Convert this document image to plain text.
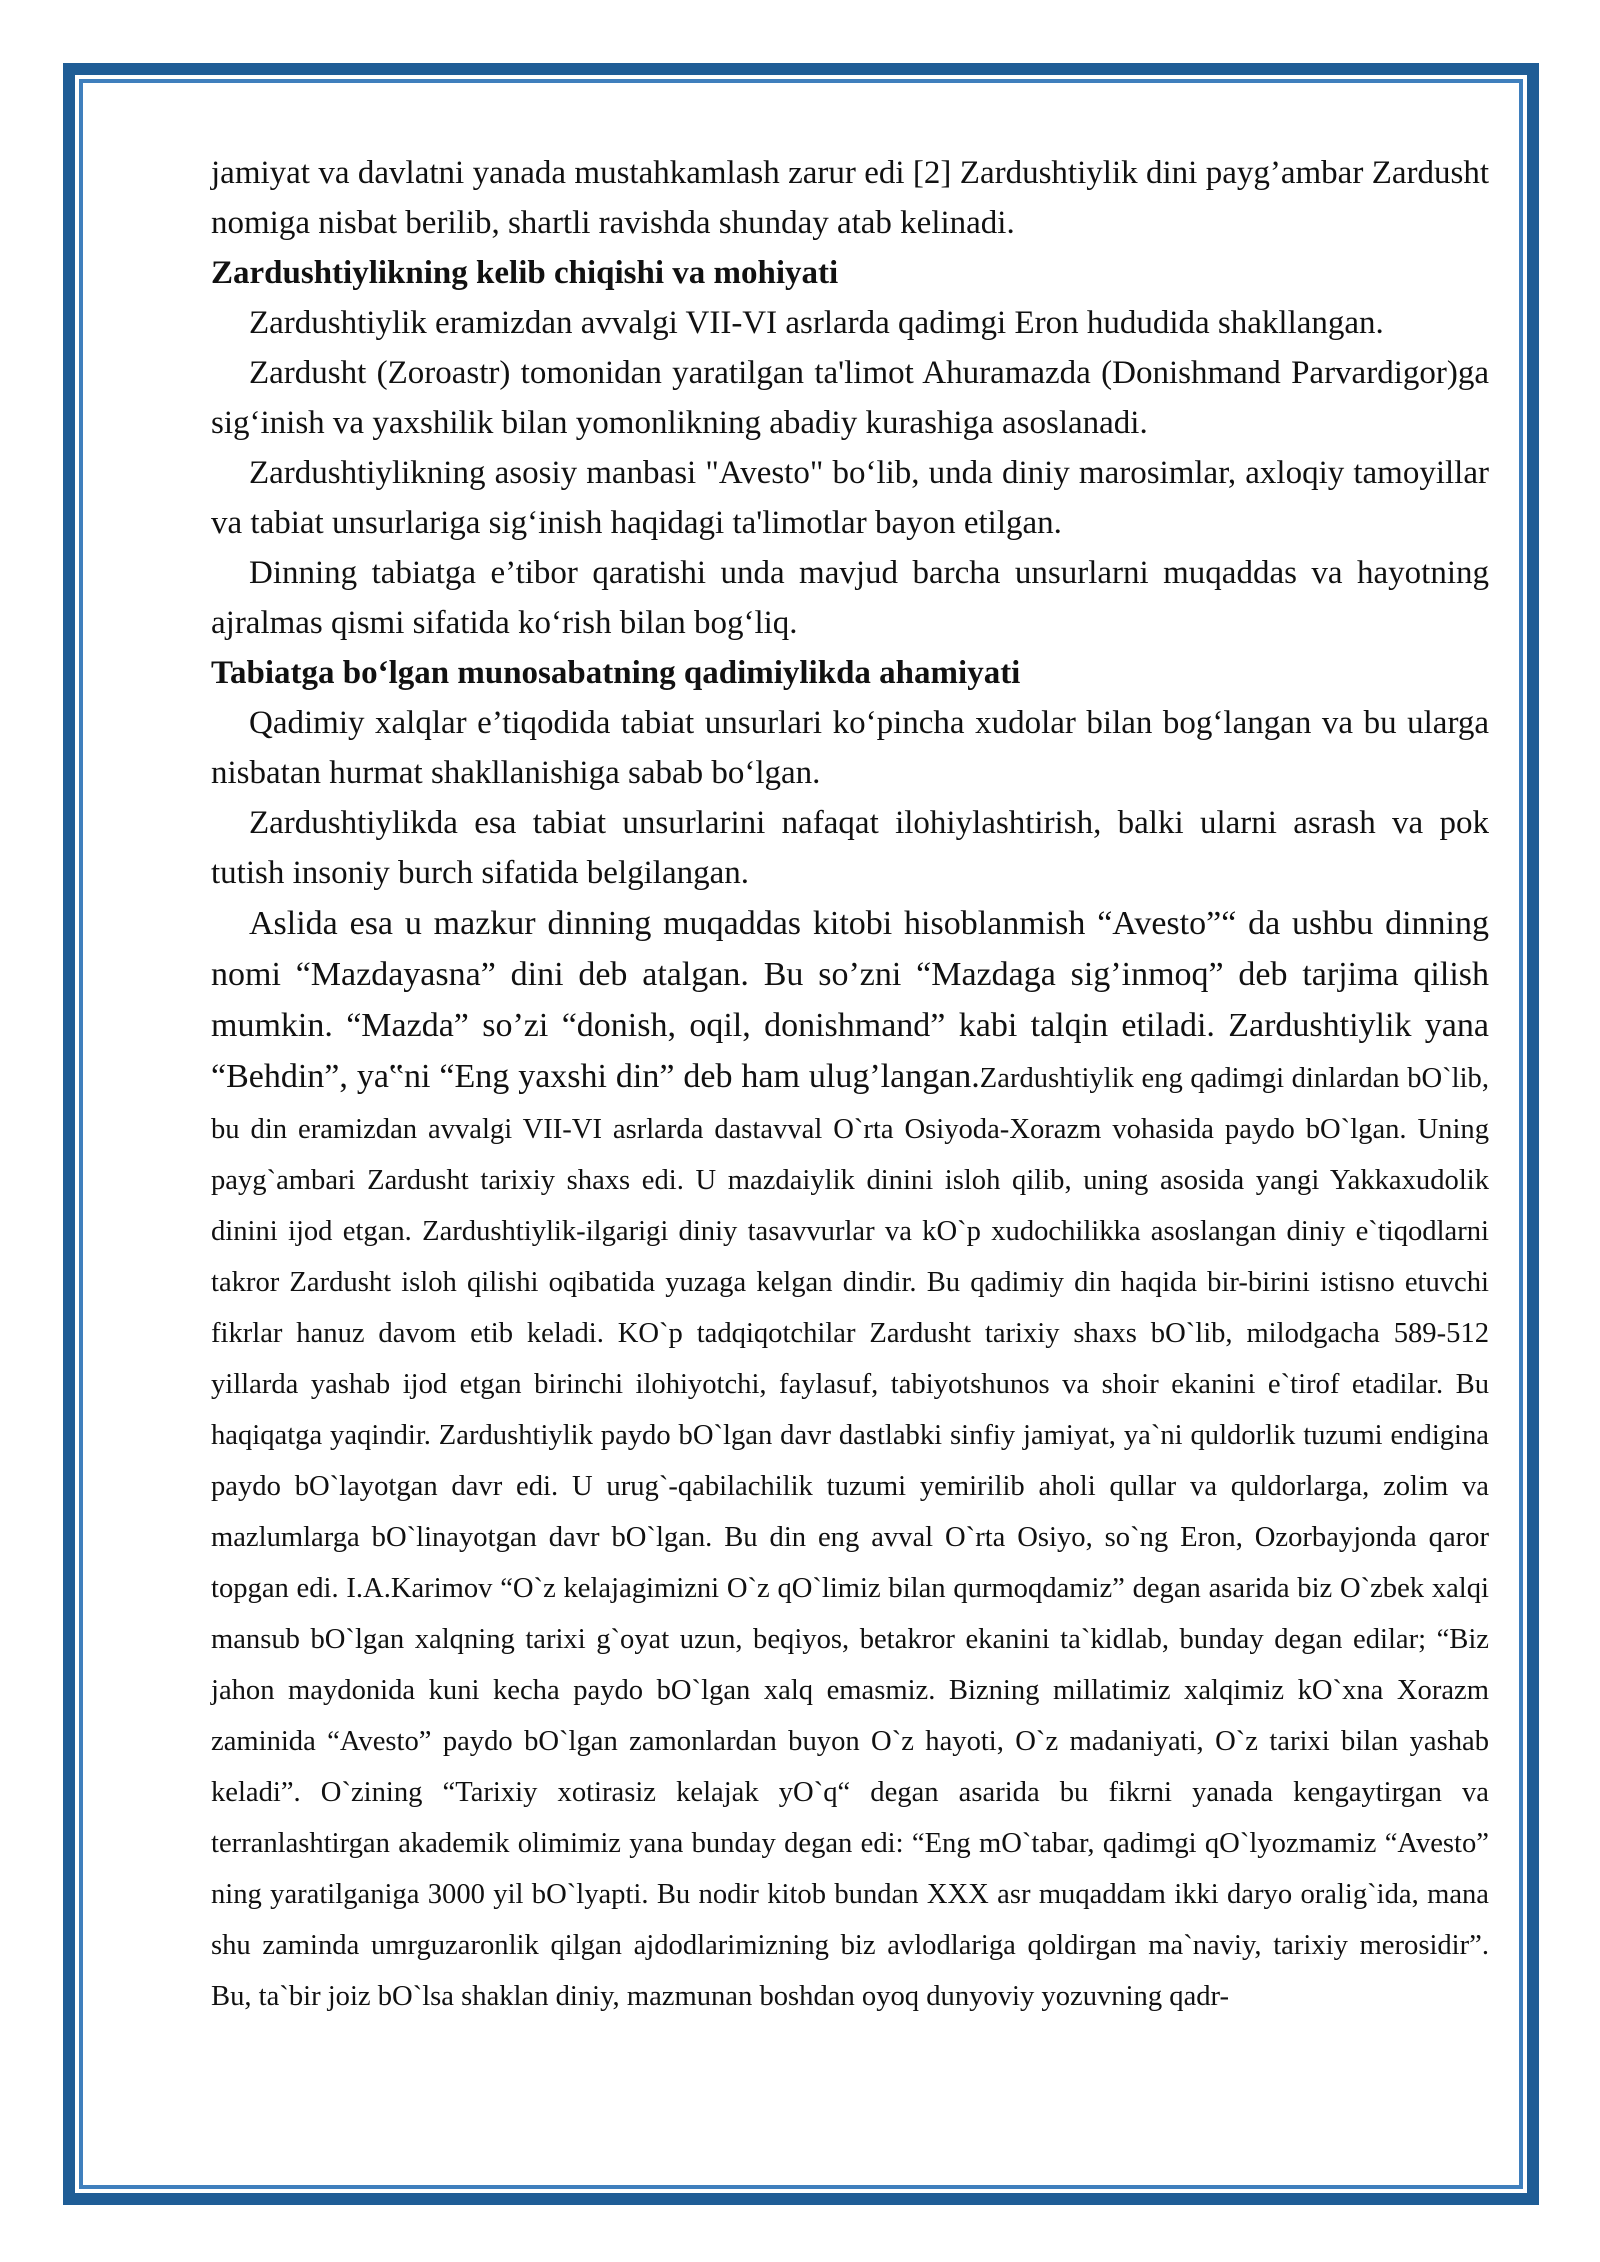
jamiyat va davlatni yanada mustahkamlash zarur edi [2] Zardushtiylik dini payg’ambar Zardusht nomiga nisbat berilib, shartli ravishda shunday atab kelinadi.

Zardushtiylikning kelib chiqishi va mohiyati

Zardushtiylik eramizdan avvalgi VII-VI asrlarda qadimgi Eron hududida shakllangan.

Zardusht (Zoroastr) tomonidan yaratilgan ta'limot Ahuramazda (Donishmand Parvardigor)ga sig‘inish va yaxshilik bilan yomonlikning abadiy kurashiga asoslanadi.

Zardushtiylikning asosiy manbasi "Avesto" bo‘lib, unda diniy marosimlar, axloqiy tamoyillar va tabiat unsurlariga sig‘inish haqidagi ta'limotlar bayon etilgan.

Dinning tabiatga e’tibor qaratishi unda mavjud barcha unsurlarni muqaddas va hayotning ajralmas qismi sifatida ko‘rish bilan bog‘liq.

Tabiatga bo‘lgan munosabatning qadimiylikda ahamiyati

Qadimiy xalqlar e’tiqodida tabiat unsurlari ko‘pincha xudolar bilan bog‘langan va bu ularga nisbatan hurmat shakllanishiga sabab bo‘lgan.

Zardushtiylikda esa tabiat unsurlarini nafaqat ilohiylashtirish, balki ularni asrash va pok tutish insoniy burch sifatida belgilangan.

Aslida esa u mazkur dinning muqaddas kitobi hisoblanmish “Avesto”“ da ushbu dinning nomi “Mazdayasna” dini deb atalgan. Bu so’zni “Mazdaga sig’inmoq” deb tarjima qilish mumkin. “Mazda” so’zi “donish, oqil, donishmand” kabi talqin etiladi. Zardushtiylik yana “Behdin”, ya‟ni “Eng yaxshi din” deb ham ulug’langan.Zardushtiylik eng qadimgi dinlardan bO`lib, bu din eramizdan avvalgi VII-VI asrlarda dastavval O`rta Osiyoda-Xorazm vohasida paydo bO`lgan. Uning payg`ambari Zardusht tarixiy shaxs edi. U mazdaiylik dinini isloh qilib, uning asosida yangi Yakkaxudolik dinini ijod etgan. Zardushtiylik-ilgarigi diniy tasavvurlar va kO`p xudochilikka asoslangan diniy e`tiqodlarni takror Zardusht isloh qilishi oqibatida yuzaga kelgan dindir. Bu qadimiy din haqida bir-birini istisno etuvchi fikrlar hanuz davom etib keladi. KO`p tadqiqotchilar Zardusht tarixiy shaxs bO`lib, milodgacha 589-512 yillarda yashab ijod etgan birinchi ilohiyotchi, faylasuf, tabiyotshunos va shoir ekanini e`tirof etadilar. Bu haqiqatga yaqindir. Zardushtiylik paydo bO`lgan davr dastlabki sinfiy jamiyat, ya`ni quldorlik tuzumi endigina paydo bO`layotgan davr edi. U urug`-qabilachilik tuzumi yemirilib aholi qullar va quldorlarga, zolim va mazlumlarga bO`linayotgan davr bO`lgan. Bu din eng avval O`rta Osiyo, so`ng Eron, Ozorbayjonda qaror topgan edi. I.A.Karimov “O`z kelajagimizni O`z qO`limiz bilan qurmoqdamiz” degan asarida biz O`zbek xalqi mansub bO`lgan xalqning tarixi g`oyat uzun, beqiyos, betakror ekanini ta`kidlab, bunday degan edilar; “Biz jahon maydonida kuni kecha paydo bO`lgan xalq emasmiz. Bizning millatimiz xalqimiz kO`xna Xorazm zaminida “Avesto” paydo bO`lgan zamonlardan buyon O`z hayoti, O`z madaniyati, O`z tarixi bilan yashab keladi”. O`zining “Tarixiy xotirasiz kelajak yO`q“ degan asarida bu fikrni yanada kengaytirgan va terranlashtirgan akademik olimimiz yana bunday degan edi: “Eng mO`tabar, qadimgi qO`lyozmamiz “Avesto” ning yaratilganiga 3000 yil bO`lyapti. Bu nodir kitob bundan XXX asr muqaddam ikki daryo oralig`ida, mana shu zaminda umrguzaronlik qilgan ajdodlarimizning biz avlodlariga qoldirgan ma`naviy, tarixiy merosidir”. Bu, ta`bir joiz bO`lsa shaklan diniy, mazmunan boshdan oyoq dunyoviy yozuvning qadr-
